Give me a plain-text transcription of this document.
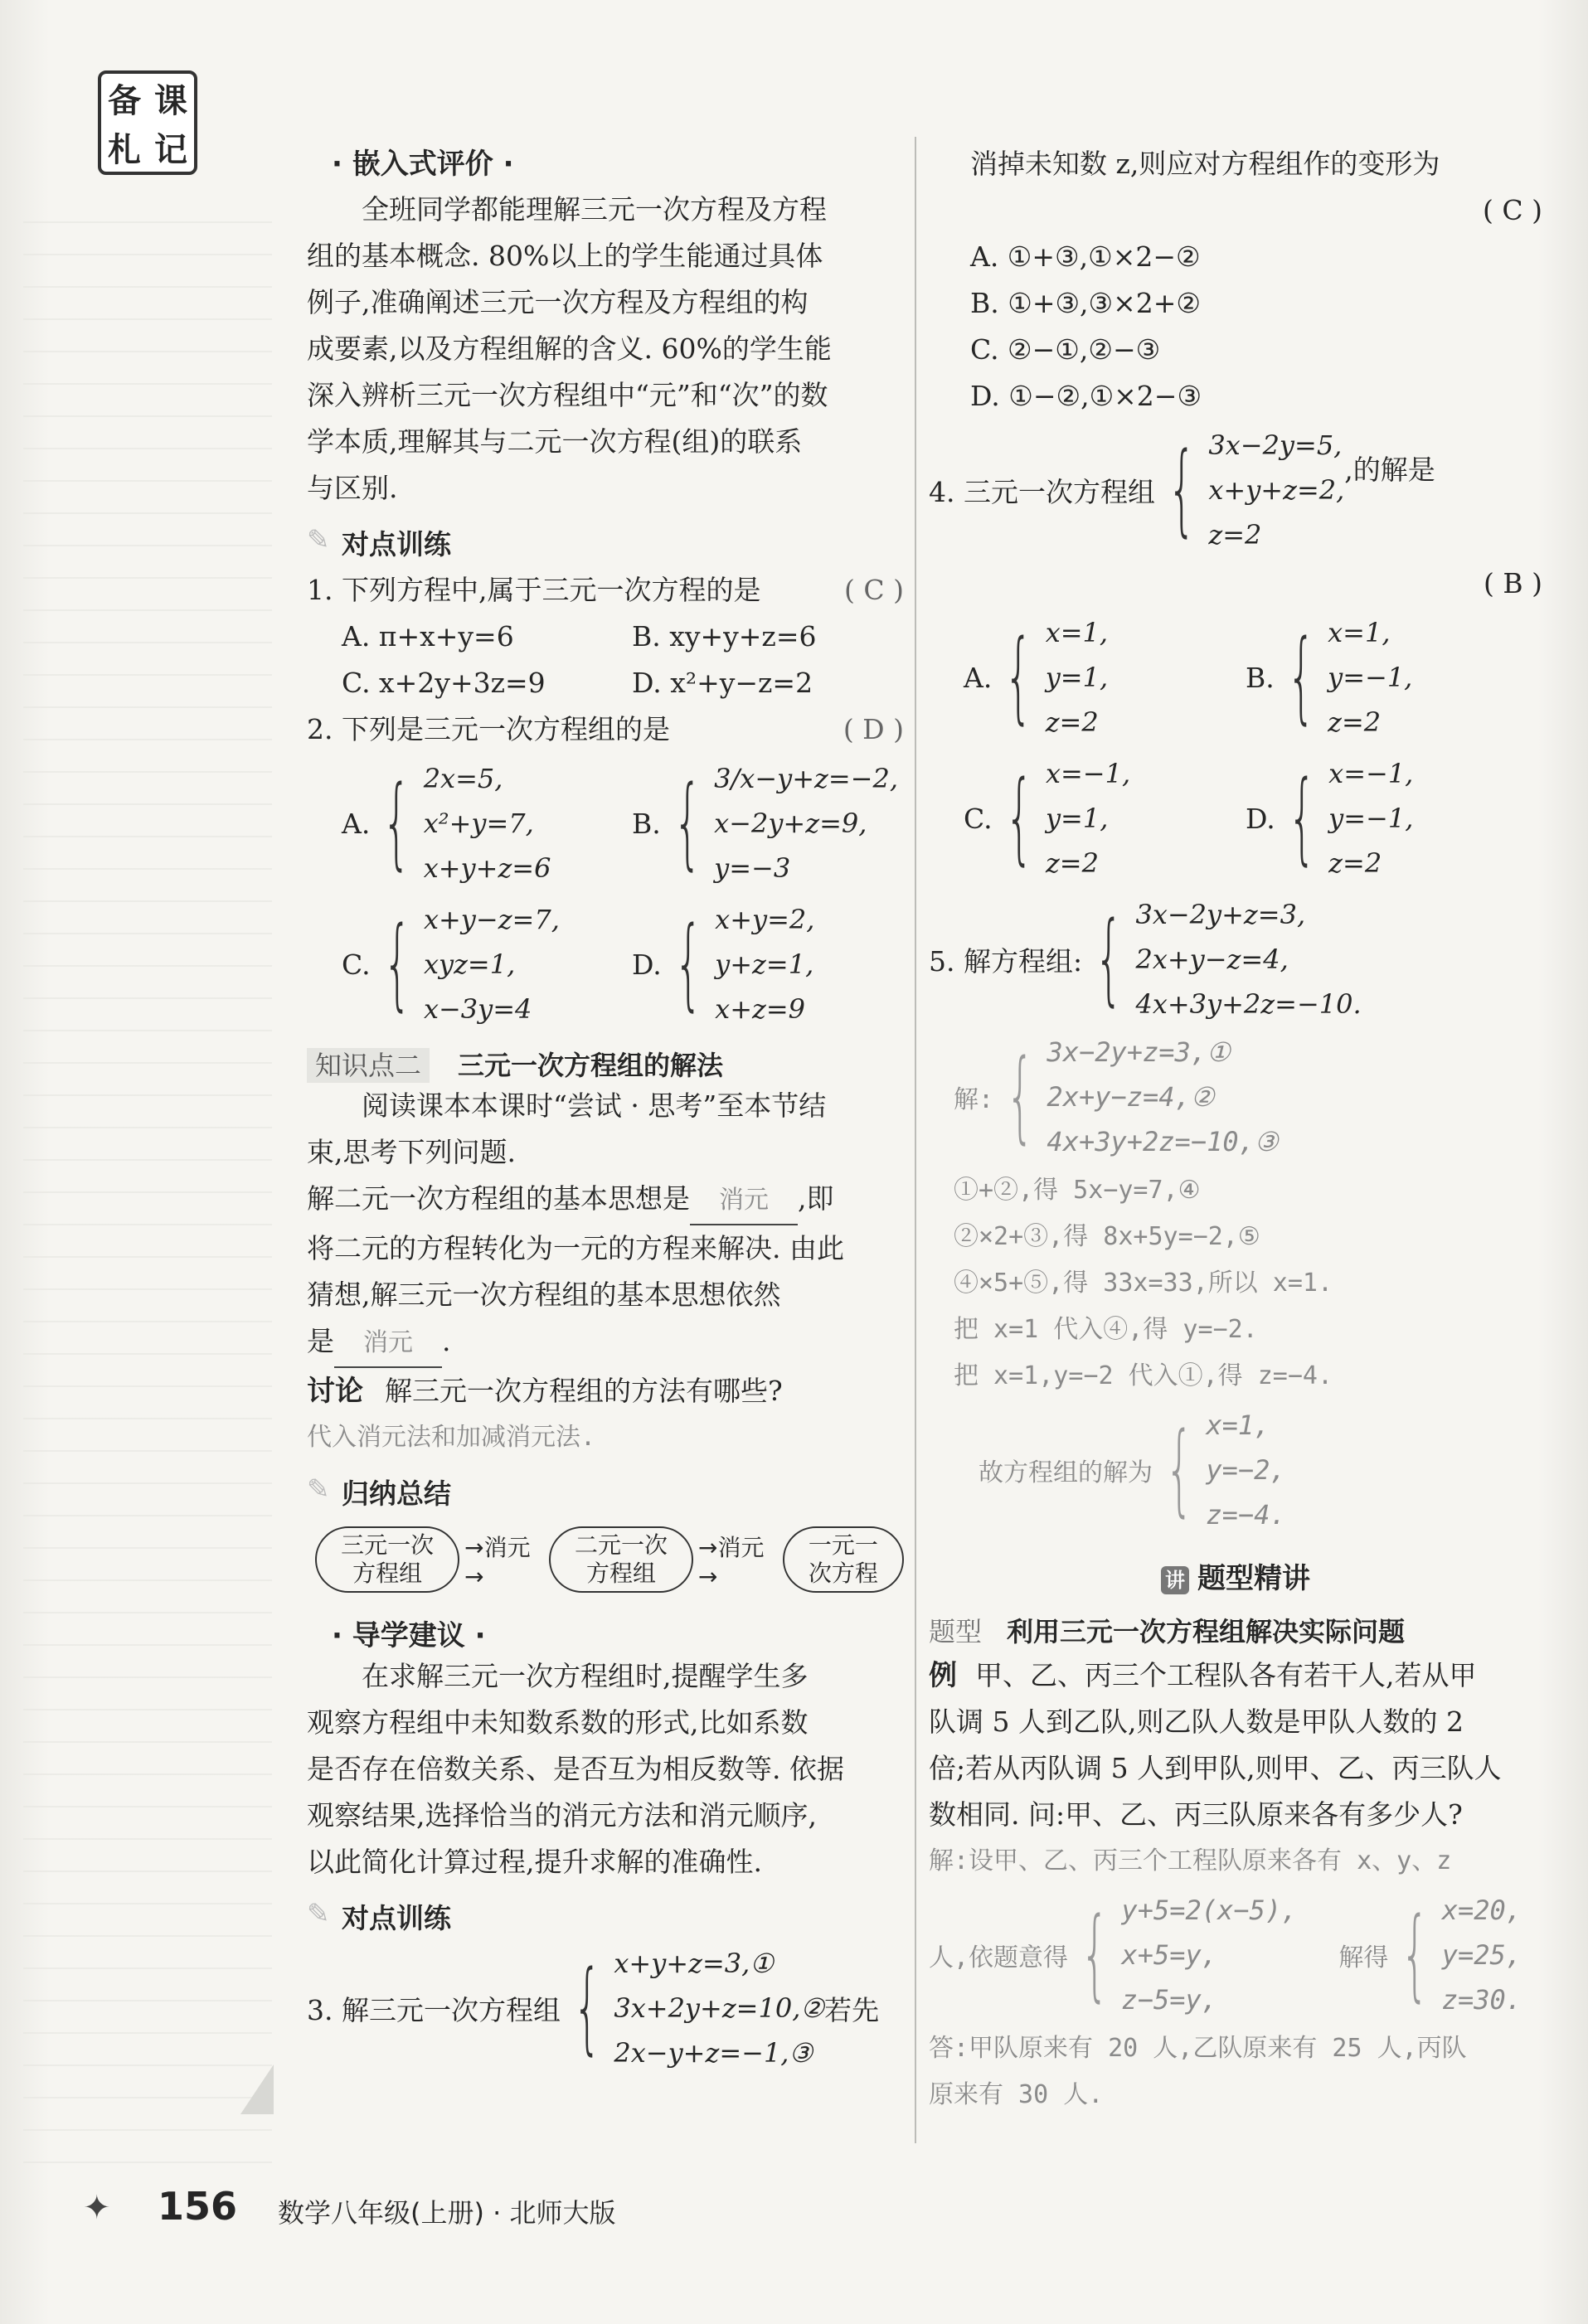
备 课
札 记	· 嵌入式评价 ·
全班同学都能理解三元一次方程及方程
组的基本概念. 80%以上的学生能通过具体
例子,准确阐述三元一次方程及方程组的构
成要素,以及方程组解的含义. 60%的学生能
深入辨析三元一次方程组中“元”和“次”的数
学本质,理解其与二元一次方程(组)的联系
与区别.
✎ 对点训练
1. 下列方程中,属于三元一次方程的是	( C )
A. π+x+y=6	B. xy+y+z=6
C. x+2y+3z=9	D. x²+y−z=2
2. 下列是三元一次方程组的是	( D )
A. { 2x=5,
x²+y=7,
x+y+z=6
B. { 3/x−y+z=−2,
x−2y+z=9,
y=−3
C. { x+y−z=7,
xyz=1,
x−3y=4
D. { x+y=2,
y+z=1,
x+z=9
知识点二 三元一次方程组的解法
阅读课本本课时“尝试 · 思考”至本节结
束,思考下列问题.
解二元一次方程组的基本思想是 消元 ,即
将二元的方程转化为一元的方程来解决. 由此
猜想,解三元一次方程组的基本思想依然
是 消元 .
讨论 解三元一次方程组的方法有哪些?
代入消元法和加减消元法.
✎ 归纳总结
三元一次方程组
→消元→
二元一次方程组
→消元→
一元一次方程
· 导学建议 ·
在求解三元一次方程组时,提醒学生多
观察方程组中未知数系数的形式,比如系数
是否存在倍数关系、是否互为相反数等. 依据
观察结果,选择恰当的消元方法和消元顺序,
以此简化计算过程,提升求解的准确性.
✎ 对点训练
3. 解三元一次方程组 { x+y+z=3,①
3x+2y+z=10,②
2x−y+z=−1,③
若先
消掉未知数 z,则应对方程组作的变形为
( C )
A. ①+③,①×2−②
B. ①+③,③×2+②
C. ②−①,②−③
D. ①−②,①×2−③
4. 三元一次方程组 { 3x−2y=5,
x+y+z=2,
z=2
,的解是
( B )
A. { x=1,
y=1,
z=2
B. { x=1,
y=−1,
z=2
C. { x=−1,
y=1,
z=2
D. { x=−1,
y=−1,
z=2
5. 解方程组: { 3x−2y+z=3,
2x+y−z=4,
4x+3y+2z=−10.
解: { 3x−2y+z=3,①
2x+y−z=4,②
4x+3y+2z=−10,③
①+②,得 5x−y=7,④
②×2+③,得 8x+5y=−2,⑤
④×5+⑤,得 33x=33,所以 x=1.
把 x=1 代入④,得 y=−2.
把 x=1,y=−2 代入①,得 z=−4.
故方程组的解为 { x=1,
y=−2,
z=−4.
讲 题型精讲
题型 利用三元一次方程组解决实际问题
例 甲、乙、丙三个工程队各有若干人,若从甲
队调 5 人到乙队,则乙队人数是甲队人数的 2
倍;若从丙队调 5 人到甲队,则甲、乙、丙三队人
数相同. 问:甲、乙、丙三队原来各有多少人?
解:设甲、乙、丙三个工程队原来各有 x、y、z
人,依题意得 { y+5=2(x−5),
x+5=y,
z−5=y,
解得 { x=20,
y=25,
z=30.
答:甲队原来有 20 人,乙队原来有 25 人,丙队
原来有 30 人.
✦ 156 数学八年级(上册) · 北师大版
